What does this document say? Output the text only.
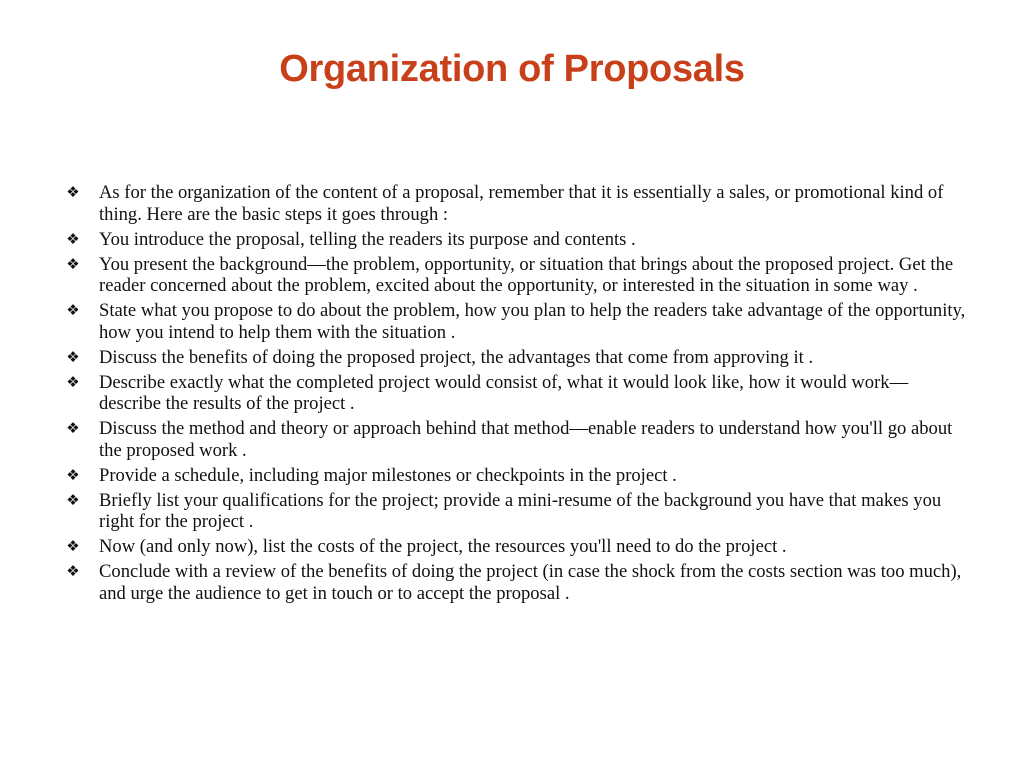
Organization of Proposals
❖ As for the organization of the content of a proposal, remember that it is essentially a sales, or promotional kind of thing. Here are the basic steps it goes through :
❖ You introduce the proposal, telling the readers its purpose and contents .
❖ You present the background—the problem, opportunity, or situation that brings about the proposed project. Get the reader concerned about the problem, excited about the opportunity, or interested in the situation in some way .
❖ State what you propose to do about the problem, how you plan to help the readers take advantage of the opportunity, how you intend to help them with the situation .
❖ Discuss the benefits of doing the proposed project, the advantages that come from approving it .
❖ Describe exactly what the completed project would consist of, what it would look like, how it would work—describe the results of the project .
❖ Discuss the method and theory or approach behind that method—enable readers to understand how you'll go about the proposed work .
❖ Provide a schedule, including major milestones or checkpoints in the project .
❖ Briefly list your qualifications for the project; provide a mini-resume of the background you have that makes you right for the project .
❖ Now (and only now), list the costs of the project, the resources you'll need to do the project .
❖ Conclude with a review of the benefits of doing the project (in case the shock from the costs section was too much), and urge the audience to get in touch or to accept the proposal .
